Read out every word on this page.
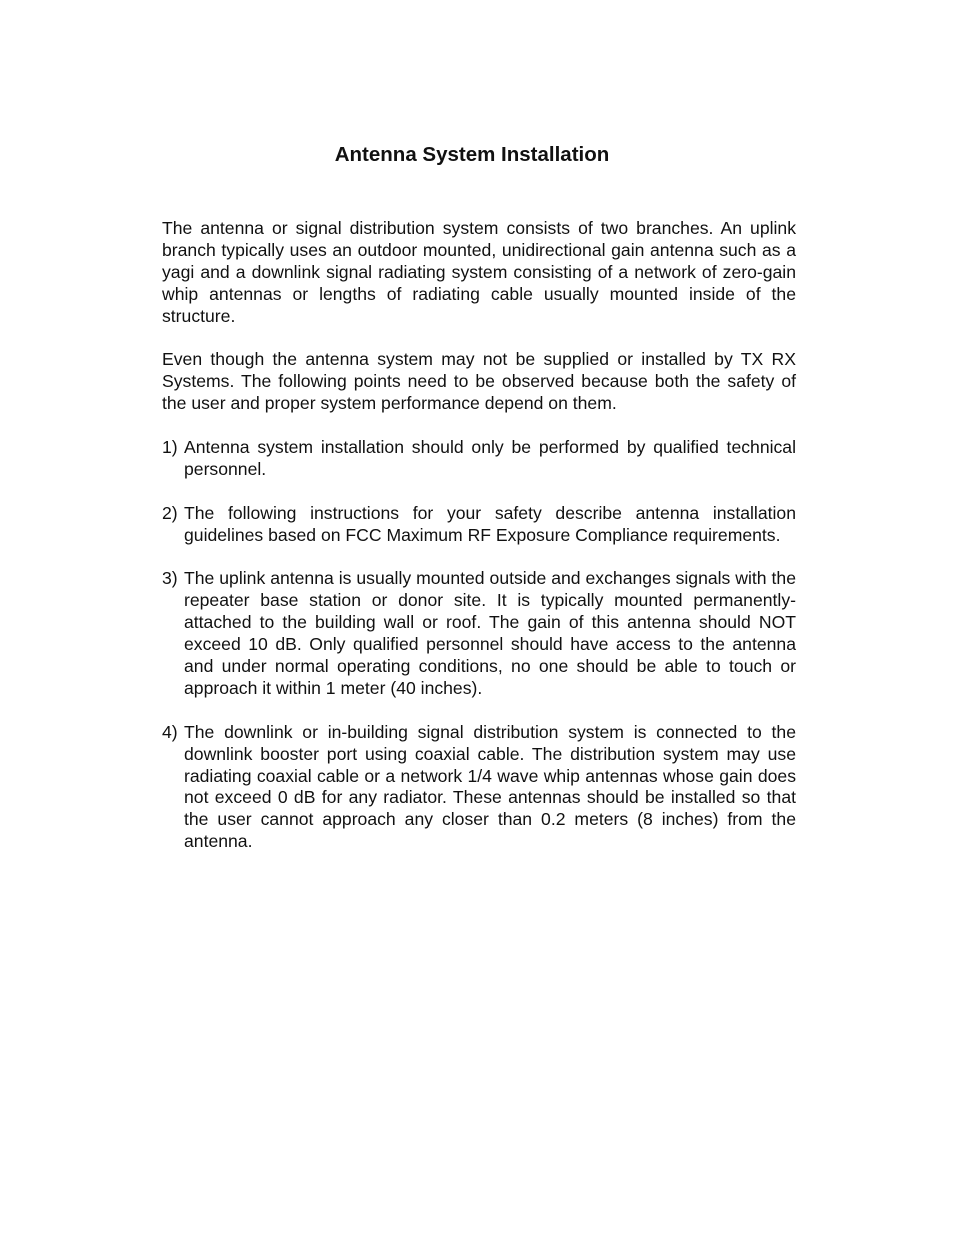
Antenna System Installation

The antenna or signal distribution system consists of two branches. An uplink branch typically uses an outdoor mounted, unidirectional gain antenna such as a yagi and a downlink signal radiating system consisting of a network of zero-gain whip antennas or lengths of radiating cable usually mounted inside of the structure.

Even though the antenna system may not be supplied or installed by TX RX Systems. The following points need to be observed because both the safety of the user and proper system performance depend on them.

1) Antenna system installation should only be performed by qualified technical personnel.
2) The following instructions for your safety describe antenna installation guidelines based on FCC Maximum RF Exposure Compliance requirements.
3) The uplink antenna is usually mounted outside and exchanges signals with the repeater base station or donor site. It is typically mounted permanently-attached to the building wall or roof. The gain of this antenna should NOT exceed 10 dB. Only qualified personnel should have access to the antenna and under normal operating conditions, no one should be able to touch or approach it within 1 meter (40 inches).
4) The downlink or in-building signal distribution system is connected to the downlink booster port using coaxial cable. The distribution system may use radiating coaxial cable or a network 1/4 wave whip antennas whose gain does not exceed 0 dB for any radiator. These antennas should be installed so that the user cannot approach any closer than 0.2 meters (8 inches) from the antenna.
